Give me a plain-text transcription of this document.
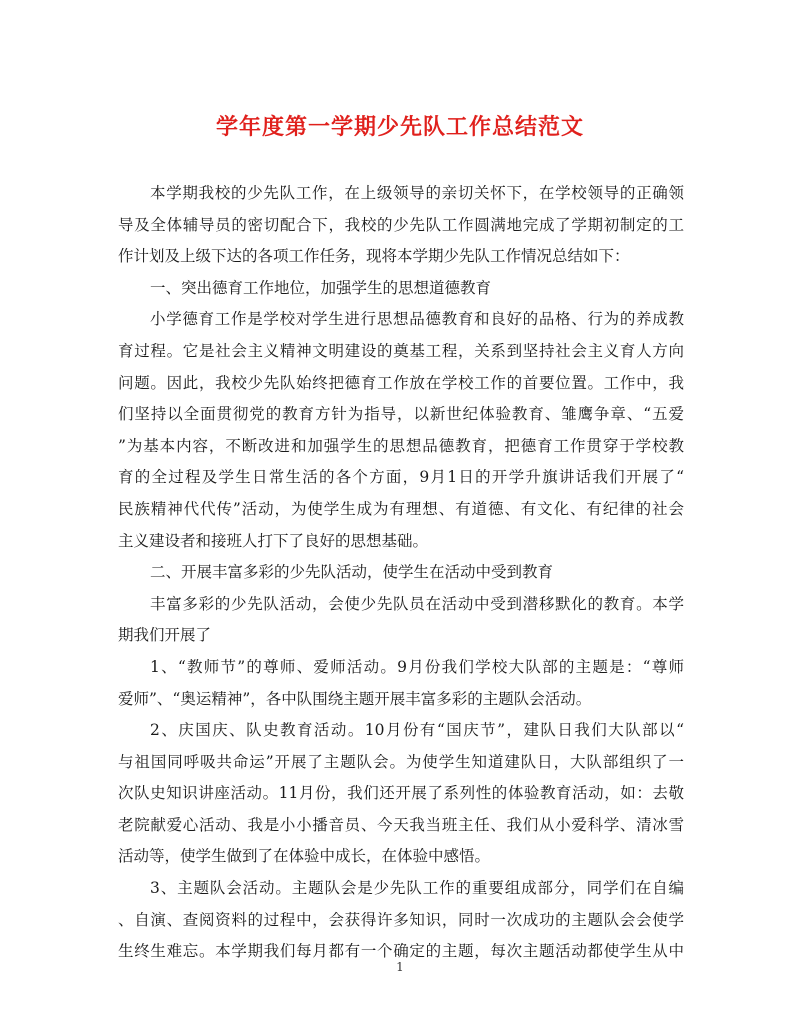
学年度第一学期少先队工作总结范文
本学期我校的少先队工作，在上级领导的亲切关怀下，在学校领导的正确领
导及全体辅导员的密切配合下，我校的少先队工作圆满地完成了学期初制定的工
作计划及上级下达的各项工作任务，现将本学期少先队工作情况总结如下：
一、突出德育工作地位，加强学生的思想道德教育
小学德育工作是学校对学生进行思想品德教育和良好的品格、行为的养成教
育过程。它是社会主义精神文明建设的奠基工程，关系到坚持社会主义育人方向
问题。因此，我校少先队始终把德育工作放在学校工作的首要位置。工作中，我
们坚持以全面贯彻党的教育方针为指导，以新世纪体验教育、雏鹰争章、“五爱
”为基本内容，不断改进和加强学生的思想品德教育，把德育工作贯穿于学校教
育的全过程及学生日常生活的各个方面，9月1日的开学升旗讲话我们开展了“
民族精神代代传”活动，为使学生成为有理想、有道德、有文化、有纪律的社会
主义建设者和接班人打下了良好的思想基础。
二、开展丰富多彩的少先队活动，使学生在活动中受到教育
丰富多彩的少先队活动，会使少先队员在活动中受到潜移默化的教育。本学
期我们开展了
1、“教师节”的尊师、爱师活动。9月份我们学校大队部的主题是：“尊师
爱师”、“奥运精神”，各中队围绕主题开展丰富多彩的主题队会活动。
2、庆国庆、队史教育活动。10月份有“国庆节”，建队日我们大队部以“
与祖国同呼吸共命运”开展了主题队会。为使学生知道建队日，大队部组织了一
次队史知识讲座活动。11月份，我们还开展了系列性的体验教育活动，如：去敬
老院献爱心活动、我是小小播音员、今天我当班主任、我们从小爱科学、清冰雪
活动等，使学生做到了在体验中成长，在体验中感悟。
3、主题队会活动。主题队会是少先队工作的重要组成部分，同学们在自编
、自演、查阅资料的过程中，会获得许多知识，同时一次成功的主题队会会使学
生终生难忘。本学期我们每月都有一个确定的主题，每次主题活动都使学生从中
1
